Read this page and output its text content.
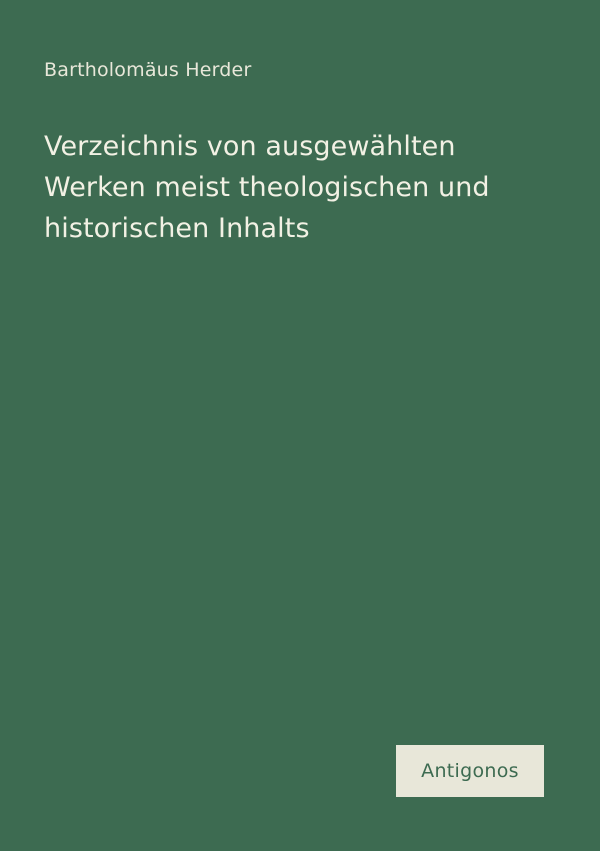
Bartholomäus Herder
Verzeichnis von ausgewählten Werken meist theologischen und historischen Inhalts
Antigonos
